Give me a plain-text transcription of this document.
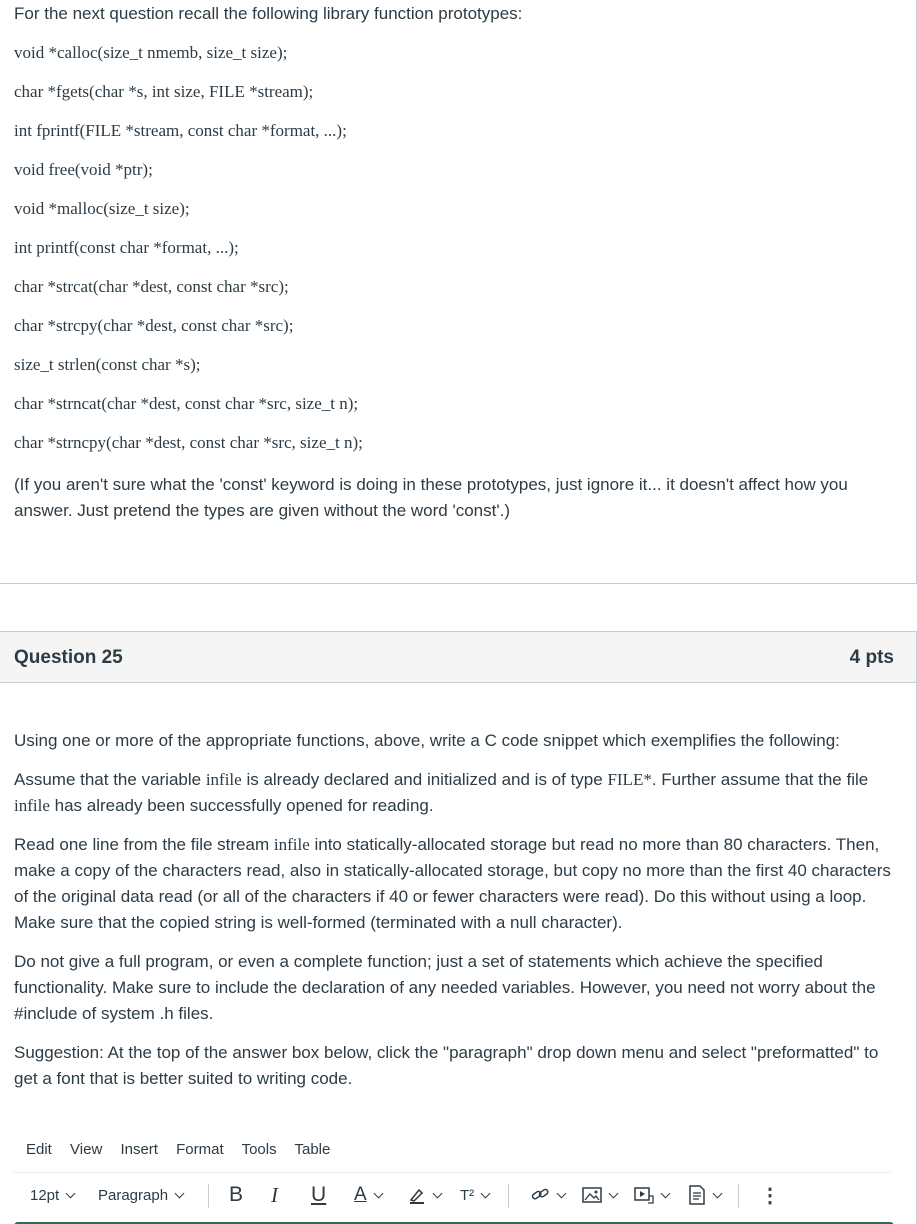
For the next question recall the following library function prototypes:
void *calloc(size_t nmemb, size_t size);
char *fgets(char *s, int size, FILE *stream);
int fprintf(FILE *stream, const char *format, ...);
void free(void *ptr);
void *malloc(size_t size);
int printf(const char *format, ...);
char *strcat(char *dest, const char *src);
char *strcpy(char *dest, const char *src);
size_t strlen(const char *s);
char *strncat(char *dest, const char *src, size_t n);
char *strncpy(char *dest, const char *src, size_t n);
(If you aren't sure what the 'const' keyword is doing in these prototypes, just ignore it... it doesn't affect how you answer. Just pretend the types are given without the word 'const'.)
Question 25	4 pts
Using one or more of the appropriate functions, above, write a C code snippet which exemplifies the following:
Assume that the variable infile is already declared and initialized and is of type FILE*. Further assume that the file infile has already been successfully opened for reading.
Read one line from the file stream infile into statically-allocated storage but read no more than 80 characters. Then, make a copy of the characters read, also in statically-allocated storage, but copy no more than the first 40 characters of the original data read (or all of the characters if 40 or fewer characters were read). Do this without using a loop. Make sure that the copied string is well-formed (terminated with a null character).
Do not give a full program, or even a complete function; just a set of statements which achieve the specified functionality. Make sure to include the declaration of any needed variables. However, you need not worry about the #include of system .h files.
Suggestion: At the top of the answer box below, click the "paragraph" drop down menu and select "preformatted" to get a font that is better suited to writing code.
Edit View Insert Format Tools Table
12pt	Paragraph	B I U A	T²	⋮
